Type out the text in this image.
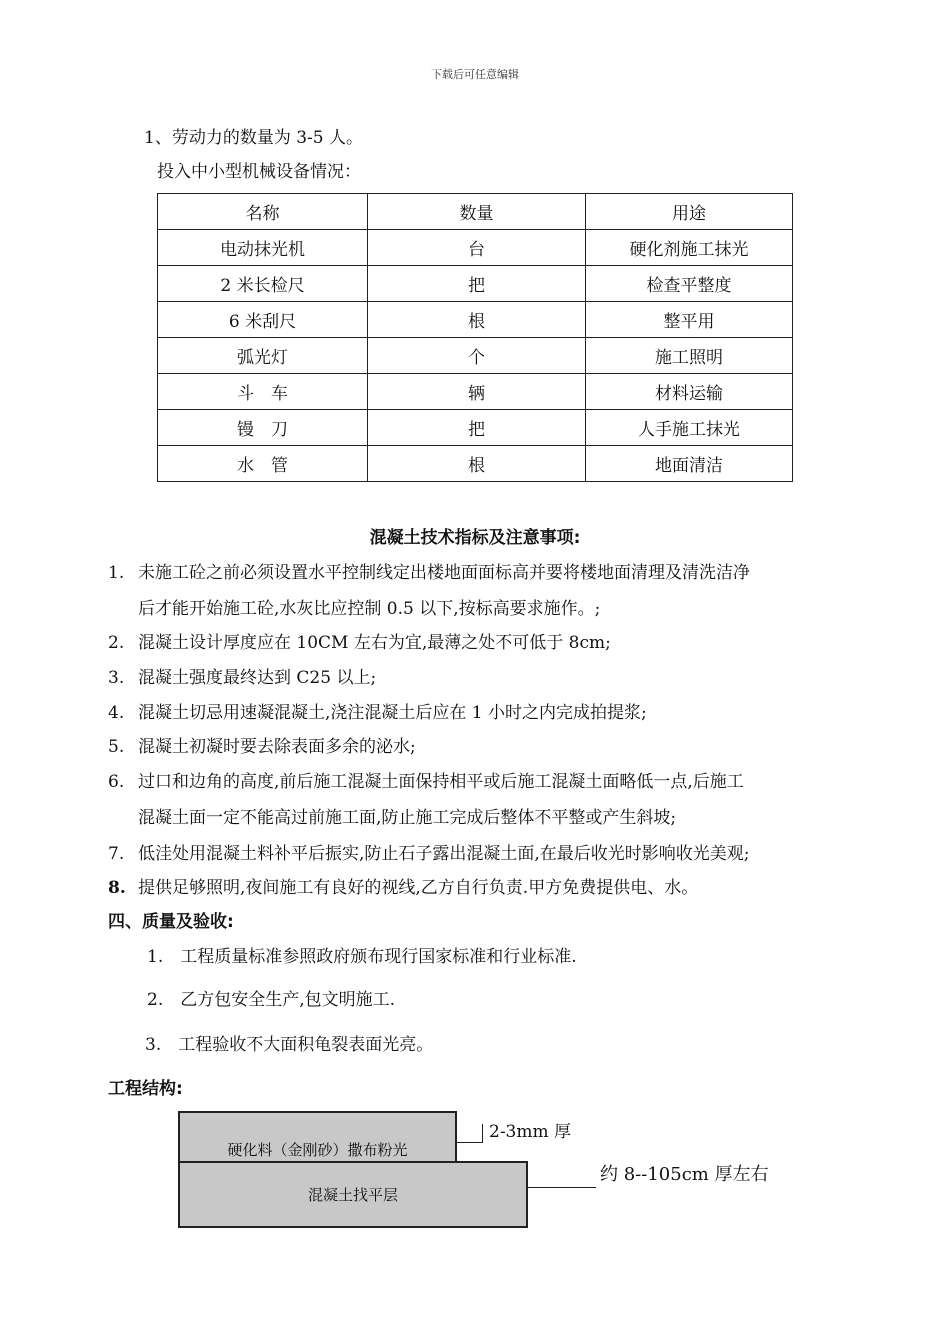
下载后可任意编辑
1、劳动力的数量为 3-5 人。
投入中小型机械设备情况：
名称	数量	用途
电动抹光机	台	硬化剂施工抹光
2 米长检尺	把	检查平整度
6 米刮尺	根	整平用
弧光灯	个	施工照明
斗　车	辆	材料运输
镘　刀	把	人手施工抹光
水　管	根	地面清洁
混凝土技术指标及注意事项:
1. 未施工砼之前必须设置水平控制线定出楼地面面标高并要将楼地面清理及清洗洁净
后才能开始施工砼,水灰比应控制 0.5 以下,按标高要求施作。;
2. 混凝土设计厚度应在 10CM 左右为宜,最薄之处不可低于 8cm;
3. 混凝土强度最终达到 C25 以上;
4. 混凝土切忌用速凝混凝土,浇注混凝土后应在 1 小时之内完成拍提浆;
5. 混凝土初凝时要去除表面多余的泌水;
6. 过口和边角的高度,前后施工混凝土面保持相平或后施工混凝土面略低一点,后施工
混凝土面一定不能高过前施工面,防止施工完成后整体不平整或产生斜坡;
7. 低洼处用混凝土料补平后振实,防止石子露出混凝土面,在最后收光时影响收光美观;
8. 提供足够照明,夜间施工有良好的视线,乙方自行负责.甲方免费提供电、水。
四、质量及验收:
1.　工程质量标准参照政府颁布现行国家标准和行业标准.
2.　乙方包安全生产,包文明施工.
3.　工程验收不大面积龟裂表面光亮。
工程结构:
硬化料（金刚砂）撒布粉光
混凝土找平层
2-3mm 厚
约 8--105cm 厚左右
